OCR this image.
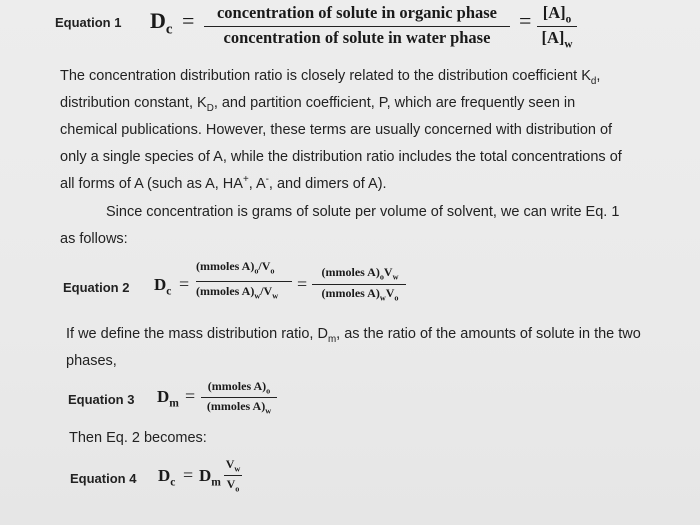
Equation 1 $D_c$ =	concentration of solute in organic phase
concentration of solute in water phase
= $[A]_o$
$[A]_w$
The concentration distribution ratio is closely related to the distribution coefficient $K_d$,
distribution constant, $K_D$, and partition coefficient, P, which are frequently seen in
chemical publications. However, these terms are usually concerned with distribution of
only a single species of A, while the distribution ratio includes the total concentrations of
all forms of A (such as A, HA+, A-, and dimers of A).
Since concentration is grams of solute per volume of solvent, we can write Eq. 1
as follows:
Equation 2 $D_c$ =
(mmoles $A)_o/V_o$
(mmoles $A)_w/V_w$
=
(mmoles $A)_oV_w$
(mmoles $A)_wV_o$
If we define the mass distribution ratio, $D_m$, as the ratio of the amounts of solute in the two
phases,
Equation 3 $D_m$ =	(mmoles $A)_o$
(mmoles $A)_w$
Then Eq. 2 becomes:
Equation 4 $D_c = D_m$
$V_w$
$V_o$
